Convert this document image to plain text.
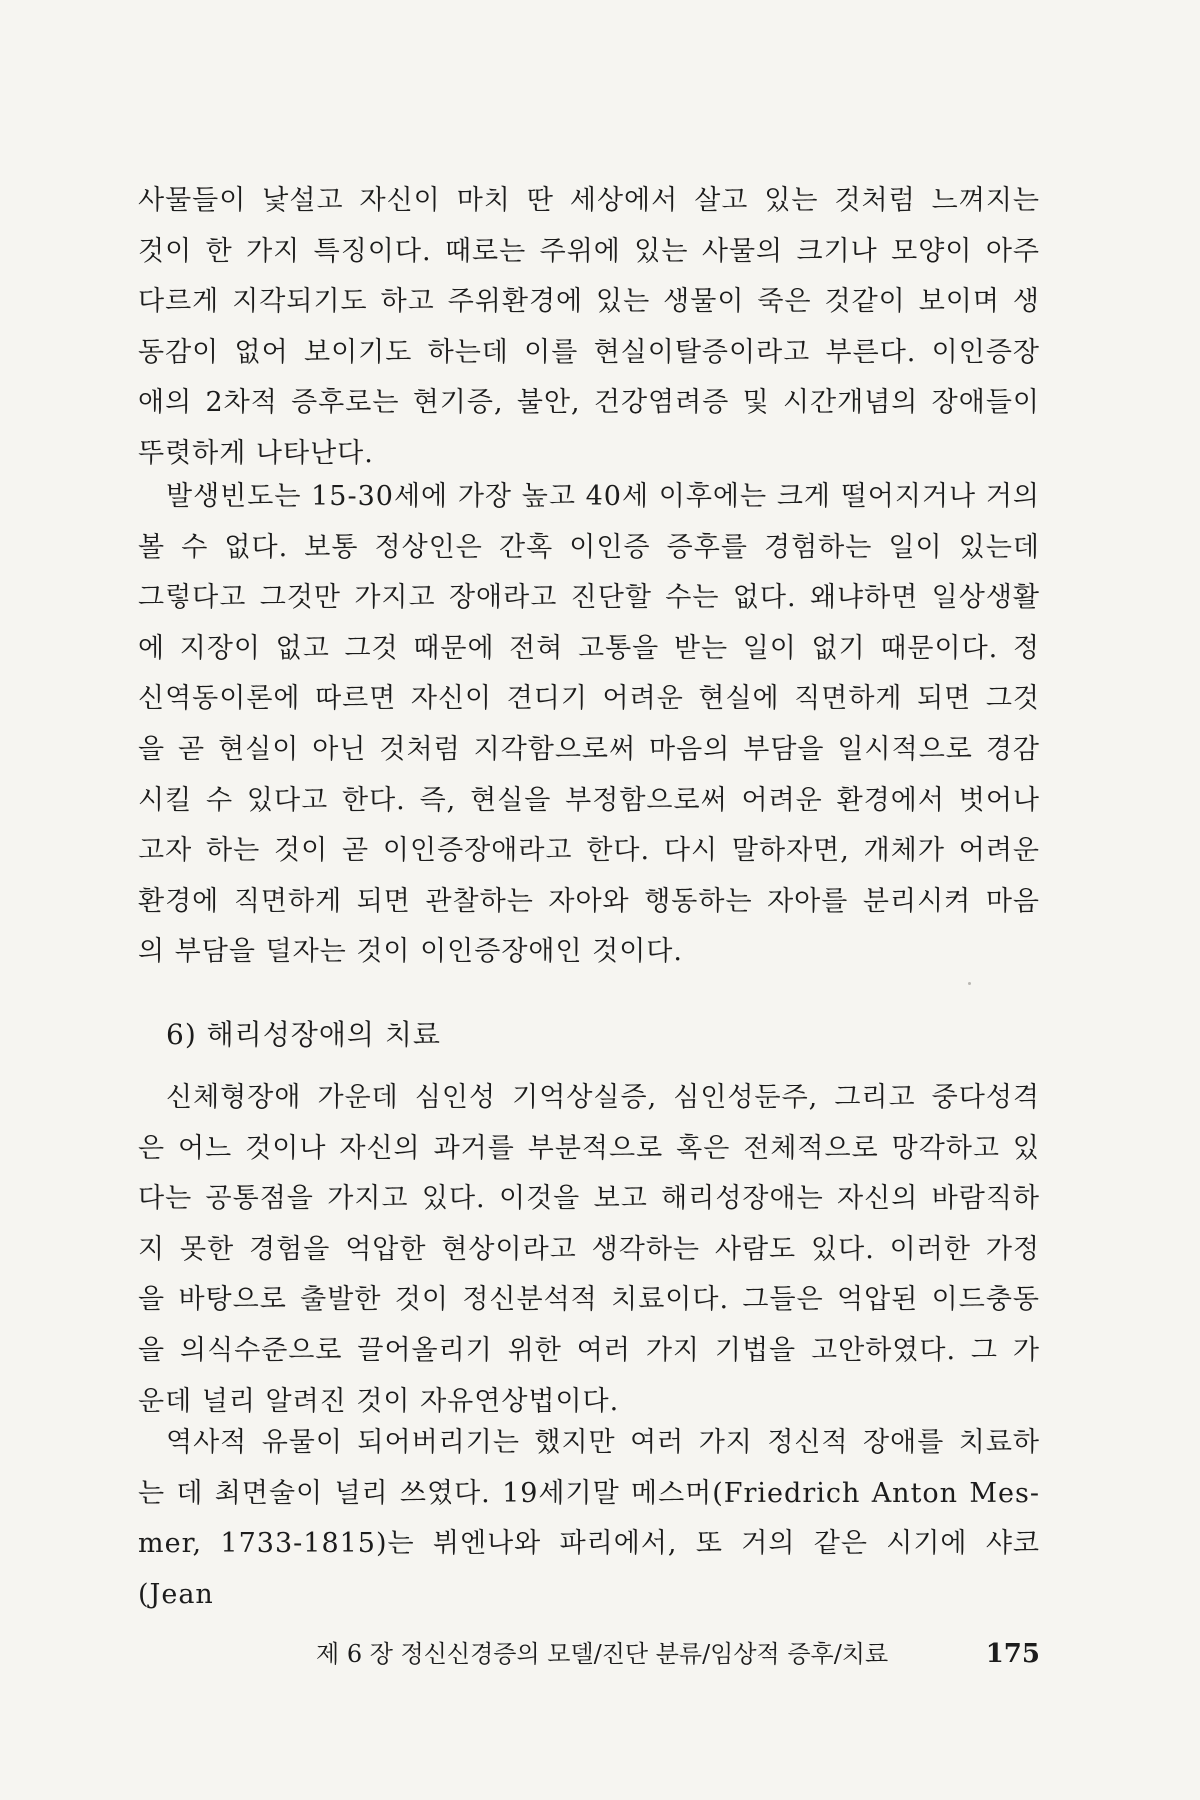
사물들이 낯설고 자신이 마치 딴 세상에서 살고 있는 것처럼 느껴지는

것이 한 가지 특징이다. 때로는 주위에 있는 사물의 크기나 모양이 아주

다르게 지각되기도 하고 주위환경에 있는 생물이 죽은 것같이 보이며 생

동감이 없어 보이기도 하는데 이를 현실이탈증이라고 부른다. 이인증장

애의 2차적 증후로는 현기증, 불안, 건강염려증 및 시간개념의 장애들이

뚜렷하게 나타난다.

발생빈도는 15-30세에 가장 높고 40세 이후에는 크게 떨어지거나 거의

볼 수 없다. 보통 정상인은 간혹 이인증 증후를 경험하는 일이 있는데

그렇다고 그것만 가지고 장애라고 진단할 수는 없다. 왜냐하면 일상생활

에 지장이 없고 그것 때문에 전혀 고통을 받는 일이 없기 때문이다. 정

신역동이론에 따르면 자신이 견디기 어려운 현실에 직면하게 되면 그것

을 곧 현실이 아닌 것처럼 지각함으로써 마음의 부담을 일시적으로 경감

시킬 수 있다고 한다. 즉, 현실을 부정함으로써 어려운 환경에서 벗어나

고자 하는 것이 곧 이인증장애라고 한다. 다시 말하자면, 개체가 어려운

환경에 직면하게 되면 관찰하는 자아와 행동하는 자아를 분리시켜 마음

의 부담을 덜자는 것이 이인증장애인 것이다.

6) 해리성장애의 치료

신체형장애 가운데 심인성 기억상실증, 심인성둔주, 그리고 중다성격

은 어느 것이나 자신의 과거를 부분적으로 혹은 전체적으로 망각하고 있

다는 공통점을 가지고 있다. 이것을 보고 해리성장애는 자신의 바람직하

지 못한 경험을 억압한 현상이라고 생각하는 사람도 있다. 이러한 가정

을 바탕으로 출발한 것이 정신분석적 치료이다. 그들은 억압된 이드충동

을 의식수준으로 끌어올리기 위한 여러 가지 기법을 고안하였다. 그 가

운데 널리 알려진 것이 자유연상법이다.

역사적 유물이 되어버리기는 했지만 여러 가지 정신적 장애를 치료하

는 데 최면술이 널리 쓰였다. 19세기말 메스머(Friedrich Anton Mes-

mer, 1733-1815)는 뷔엔나와 파리에서, 또 거의 같은 시기에 샤코(Jean

제 6 장 정신신경증의 모델/진단 분류/임상적 증후/치료	175
